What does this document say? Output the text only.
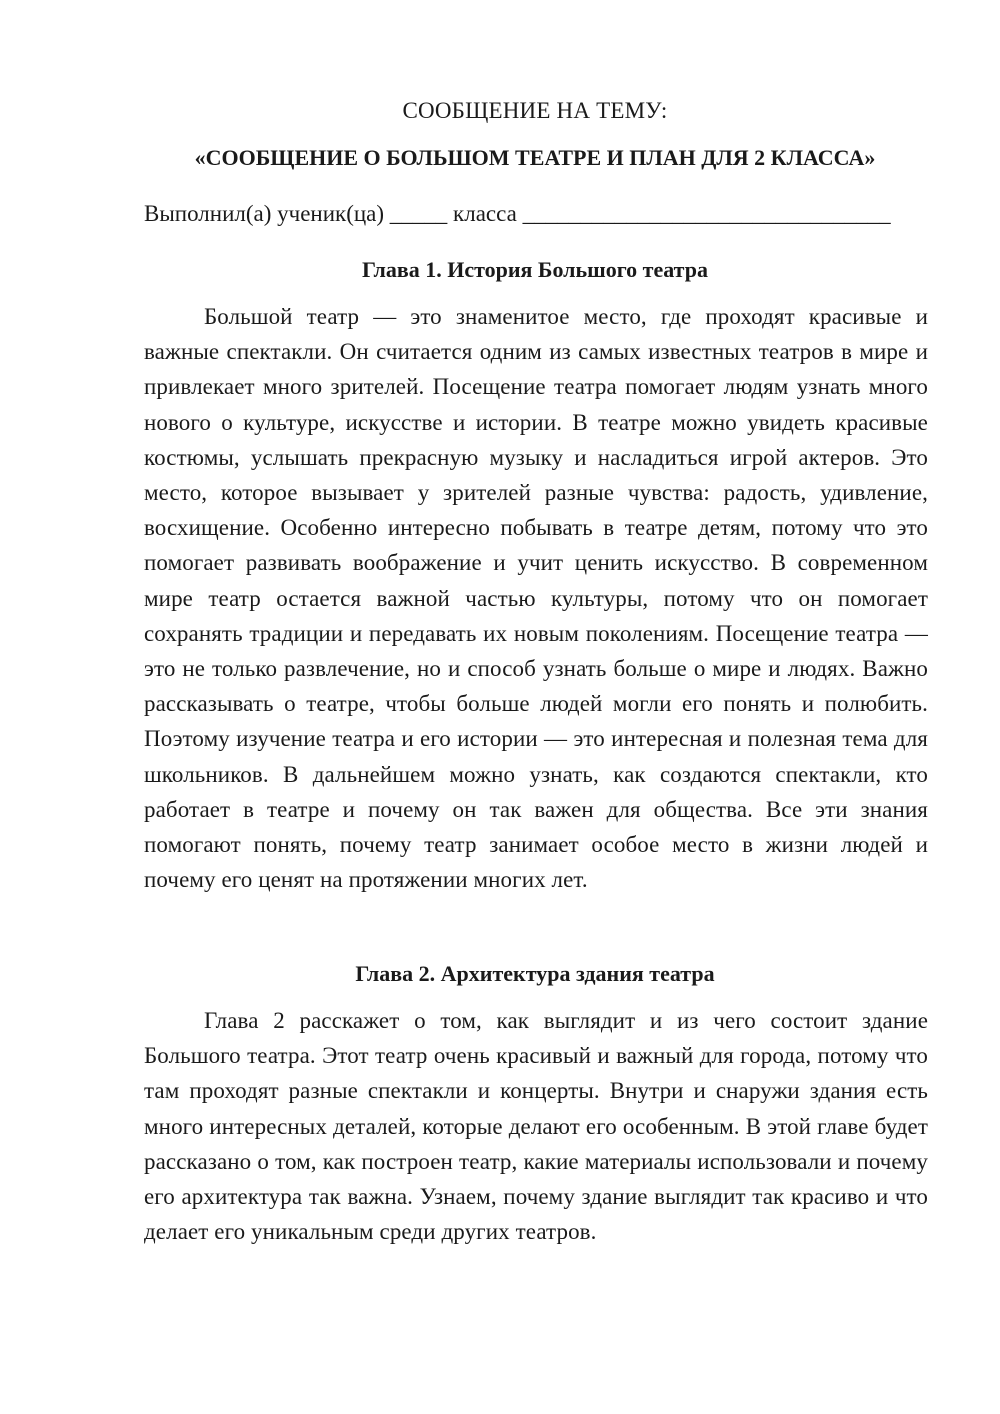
СООБЩЕНИЕ НА ТЕМУ:
«СООБЩЕНИЕ О БОЛЬШОМ ТЕАТРЕ И ПЛАН ДЛЯ 2 КЛАССА»
Выполнил(а) ученик(ца) _____ класса ________________________________
Глава 1. История Большого театра

Большой театр — это знаменитое место, где проходят красивые и важные спектакли. Он считается одним из самых известных театров в мире и привлекает много зрителей. Посещение театра помогает людям узнать много нового о культуре, искусстве и истории. В театре можно увидеть красивые костюмы, услышать прекрасную музыку и насладиться игрой актеров. Это место, которое вызывает у зрителей разные чувства: радость, удивление, восхищение. Особенно интересно побывать в театре детям, потому что это помогает развивать воображение и учит ценить искусство. В современном мире театр остается важной частью культуры, потому что он помогает сохранять традиции и передавать их новым поколениям. Посещение театра — это не только развлечение, но и способ узнать больше о мире и людях. Важно рассказывать о театре, чтобы больше людей могли его понять и полюбить. Поэтому изучение театра и его истории — это интересная и полезная тема для школьников. В дальнейшем можно узнать, как создаются спектакли, кто работает в театре и почему он так важен для общества. Все эти знания помогают понять, почему театр занимает особое место в жизни людей и почему его ценят на протяжении многих лет.

Глава 2. Архитектура здания театра

Глава 2 расскажет о том, как выглядит и из чего состоит здание Большого театра. Этот театр очень красивый и важный для города, потому что там проходят разные спектакли и концерты. Внутри и снаружи здания есть много интересных деталей, которые делают его особенным. В этой главе будет рассказано о том, как построен театр, какие материалы использовали и почему его архитектура так важна. Узнаем, почему здание выглядит так красиво и что делает его уникальным среди других театров.
